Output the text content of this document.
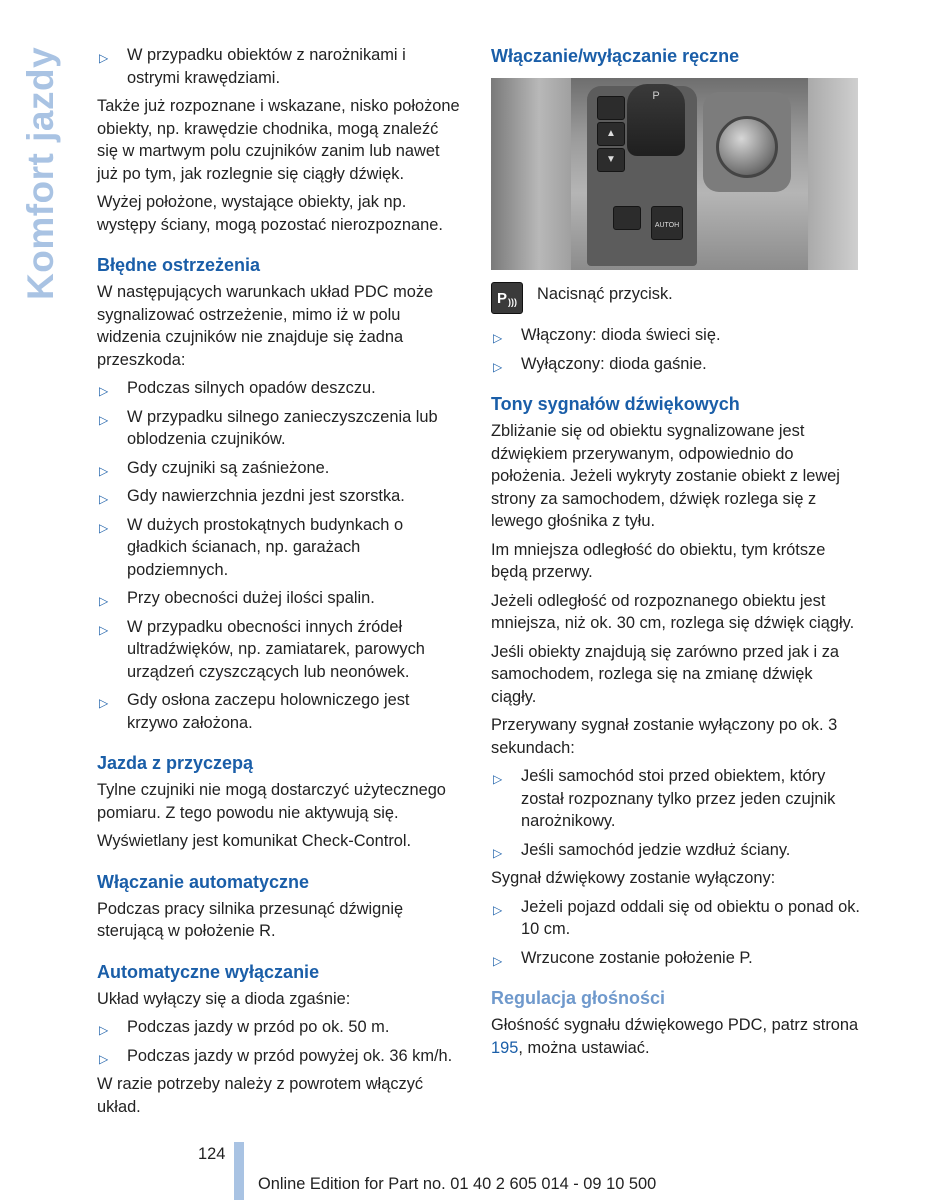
Komfort jazdy	▷ W przypadku obiektów z narożnikami i ostrymi krawędziami.

Także już rozpoznane i wskazane, nisko położone obiekty, np. krawędzie chodnika, mogą znaleźć się w martwym polu czujników zanim lub nawet już po tym, jak rozlegnie się ciągły dźwięk.

Wyżej położone, wystające obiekty, jak np. występy ściany, mogą pozostać nierozpoznane.

Błędne ostrzeżenia

W następujących warunkach układ PDC może sygnalizować ostrzeżenie, mimo iż w polu widzenia czujników nie znajduje się żadna przeszkoda:

▷ Podczas silnych opadów deszczu.
▷ W przypadku silnego zanieczyszczenia lub oblodzenia czujników.
▷ Gdy czujniki są zaśnieżone.
▷ Gdy nawierzchnia jezdni jest szorstka.
▷ W dużych prostokątnych budynkach o gładkich ścianach, np. garażach podziemnych.
▷ Przy obecności dużej ilości spalin.
▷ W przypadku obecności innych źródeł ultradźwięków, np. zamiatarek, parowych urządzeń czyszczących lub neonówek.
▷ Gdy osłona zaczepu holowniczego jest krzywo założona.
Jazda z przyczepą

Tylne czujniki nie mogą dostarczyć użytecznego pomiaru. Z tego powodu nie aktywują się.

Wyświetlany jest komunikat Check-Control.

Włączanie automatyczne

Podczas pracy silnika przesunąć dźwignię sterującą w położenie R.

Automatyczne wyłączanie

Układ wyłączy się a dioda zgaśnie:

▷ Podczas jazdy w przód po ok. 50 m.
▷ Podczas jazdy w przód powyżej ok. 36 km/h.

W razie potrzeby należy z powrotem włączyć układ.

Włączanie/wyłączanie ręczne
▲
▼

AUTOH
P
P ))) Nacisnąć przycisk.
▷ Włączony: dioda świeci się.
▷ Wyłączony: dioda gaśnie.
Tony sygnałów dźwiękowych

Zbliżanie się od obiektu sygnalizowane jest dźwiękiem przerywanym, odpowiednio do położenia. Jeżeli wykryty zostanie obiekt z lewej strony za samochodem, dźwięk rozlega się z lewego głośnika z tyłu.

Im mniejsza odległość do obiektu, tym krótsze będą przerwy.

Jeżeli odległość od rozpoznanego obiektu jest mniejsza, niż ok. 30 cm, rozlega się dźwięk ciągły.

Jeśli obiekty znajdują się zarówno przed jak i za samochodem, rozlega się na zmianę dźwięk ciągły.

Przerywany sygnał zostanie wyłączony po ok. 3 sekundach:

▷ Jeśli samochód stoi przed obiektem, który został rozpoznany tylko przez jeden czujnik narożnikowy.
▷ Jeśli samochód jedzie wzdłuż ściany.

Sygnał dźwiękowy zostanie wyłączony:

▷ Jeżeli pojazd oddali się od obiektu o ponad ok. 10 cm.
▷ Wrzucone zostanie położenie P.
Regulacja głośności

Głośność sygnału dźwiękowego PDC, patrz strona 195, można ustawiać.

124
Online Edition for Part no. 01 40 2 605 014 - 09 10 500
